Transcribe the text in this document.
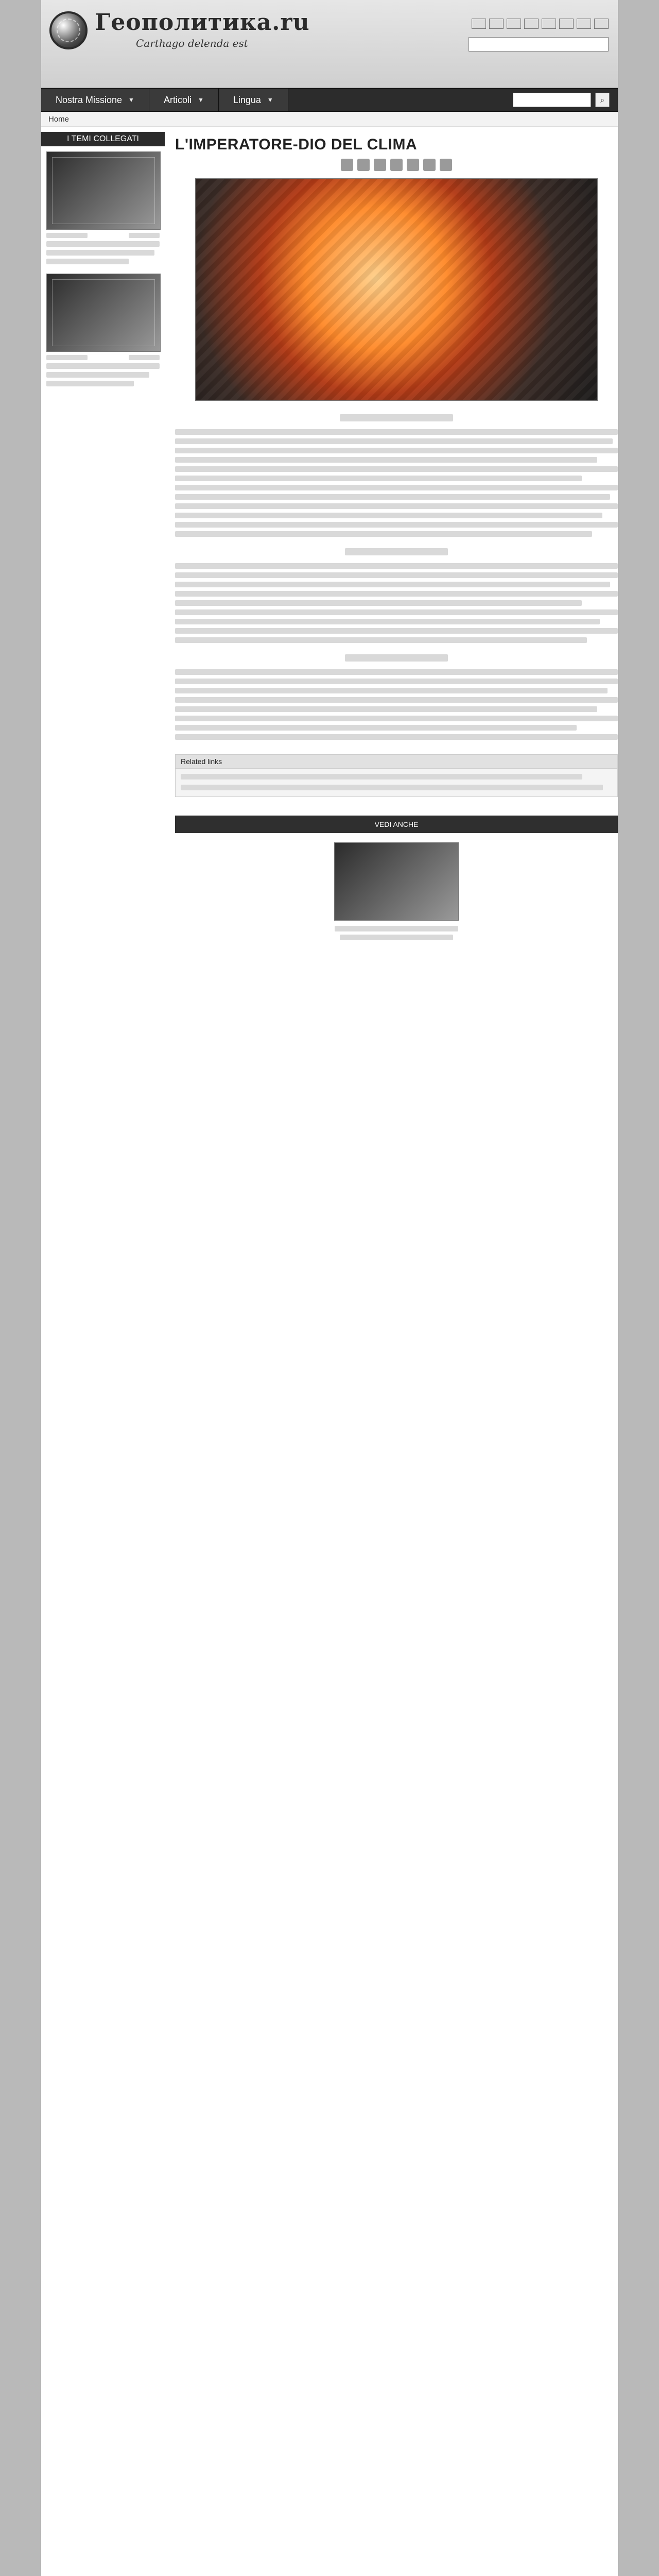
Геополитика.ru
Carthago delenda est
Nostra Missione ▼	Articoli ▼	Lingua ▼	⌕
Home
I TEMI COLLEGATI	L'IMPERATORE-DIO DEL CLIMA
Related links
VEDI ANCHE
